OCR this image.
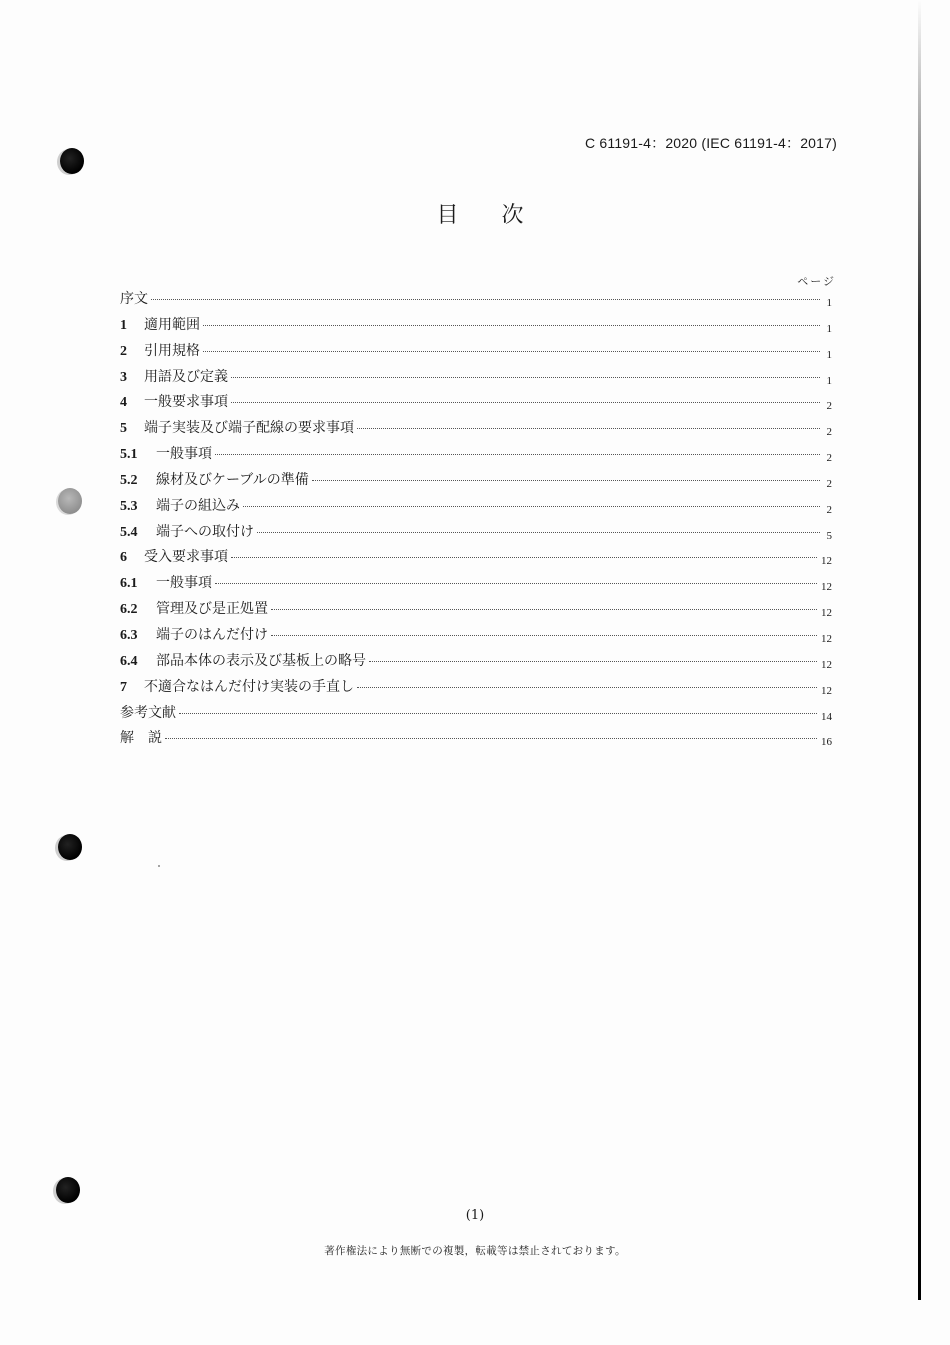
C 61191-4：2020 (IEC 61191-4：2017)
目 次
ページ
序文	1
1	適用範囲	1
2	引用規格	1
3	用語及び定義	1
4	一般要求事項	2
5	端子実装及び端子配線の要求事項	2
5.1	一般事項	2
5.2	線材及びケーブルの準備	2
5.3	端子の組込み	2
5.4	端子への取付け	5
6	受入要求事項	12
6.1	一般事項	12
6.2	管理及び是正処置	12
6.3	端子のはんだ付け	12
6.4	部品本体の表示及び基板上の略号	12
7	不適合なはんだ付け実装の手直し	12
参考文献	14
解　説	16
(1)
著作権法により無断での複製，転載等は禁止されております。
